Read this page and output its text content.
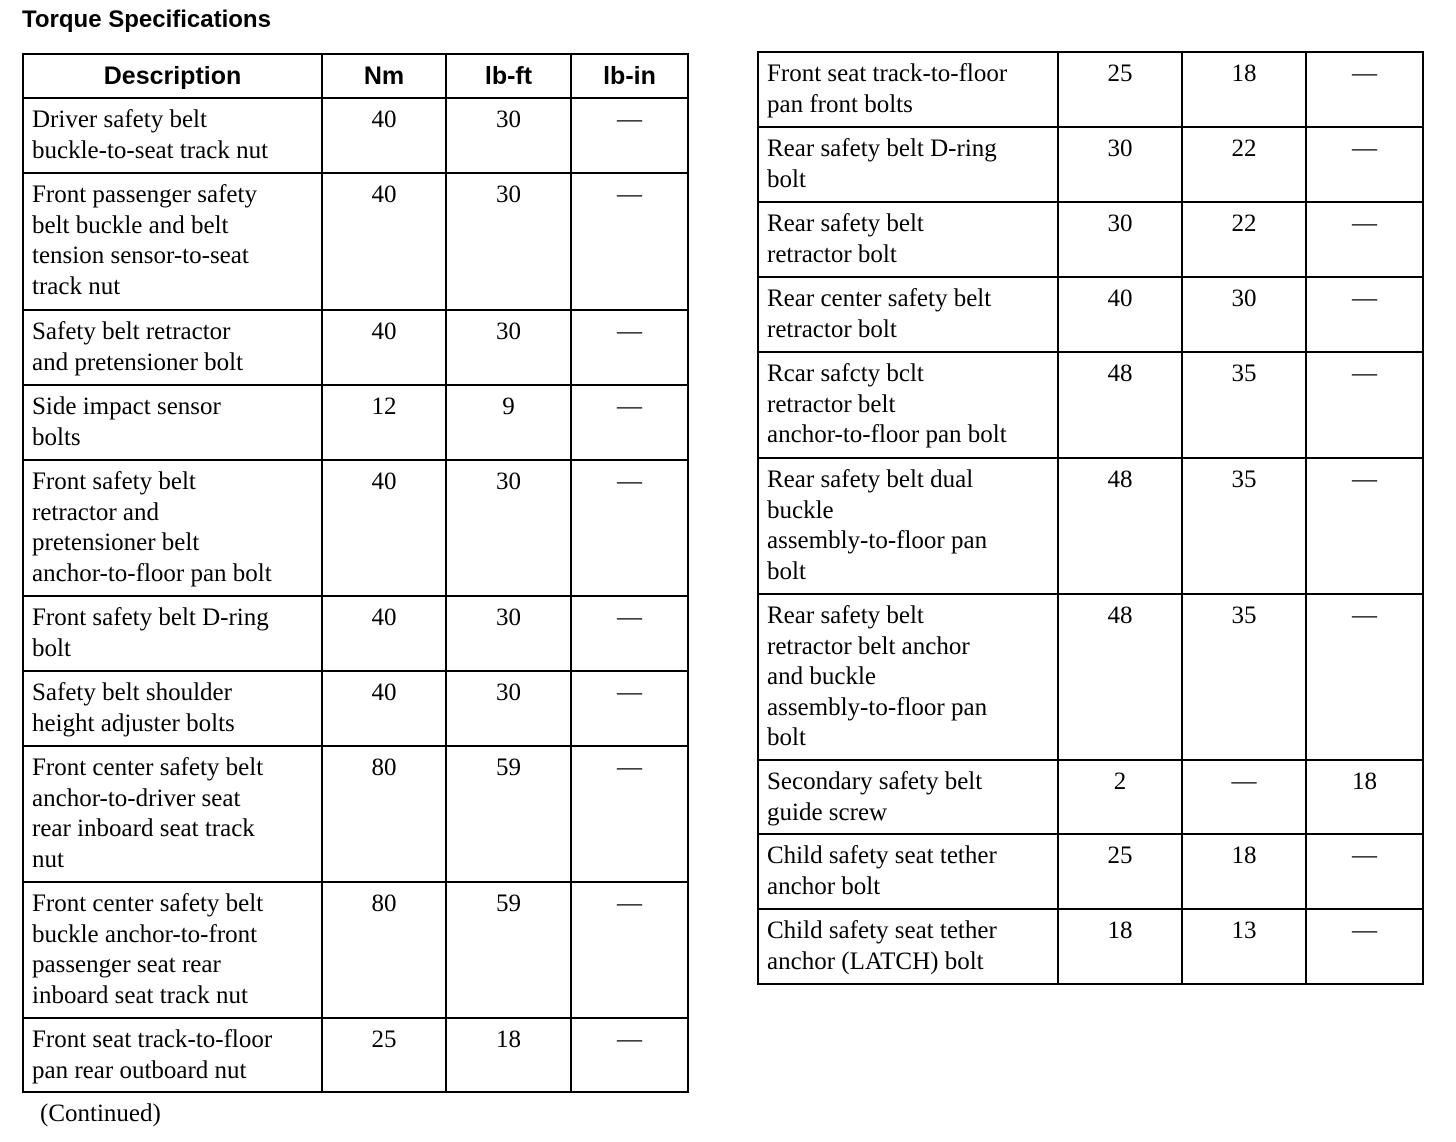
Torque Specifications
Description	Nm	lb-ft	lb-in
Driver safety belt
buckle-to-seat track nut	40	30	—
Front passenger safety
belt buckle and belt
tension sensor-to-seat
track nut	40	30	—
Safety belt retractor
and pretensioner bolt	40	30	—
Side impact sensor
bolts	12	9	—
Front safety belt
retractor and
pretensioner belt
anchor-to-floor pan bolt	40	30	—
Front safety belt D-ring
bolt	40	30	—
Safety belt shoulder
height adjuster bolts	40	30	—
Front center safety belt
anchor-to-driver seat
rear inboard seat track
nut	80	59	—
Front center safety belt
buckle anchor-to-front
passenger seat rear
inboard seat track nut	80	59	—
Front seat track-to-floor
pan rear outboard nut	25	18	—
Front seat track-to-floor
pan front bolts	25	18	—
Rear safety belt D-ring
bolt	30	22	—
Rear safety belt
retractor bolt	30	22	—
Rear center safety belt
retractor bolt	40	30	—
Rcar safcty bclt
retractor belt
anchor-to-floor pan bolt	48	35	—
Rear safety belt dual
buckle
assembly-to-floor pan
bolt	48	35	—
Rear safety belt
retractor belt anchor
and buckle
assembly-to-floor pan
bolt	48	35	—
Secondary safety belt
guide screw	2	—	18
Child safety seat tether
anchor bolt	25	18	—
Child safety seat tether
anchor (LATCH) bolt	18	13	—
(Continued)
